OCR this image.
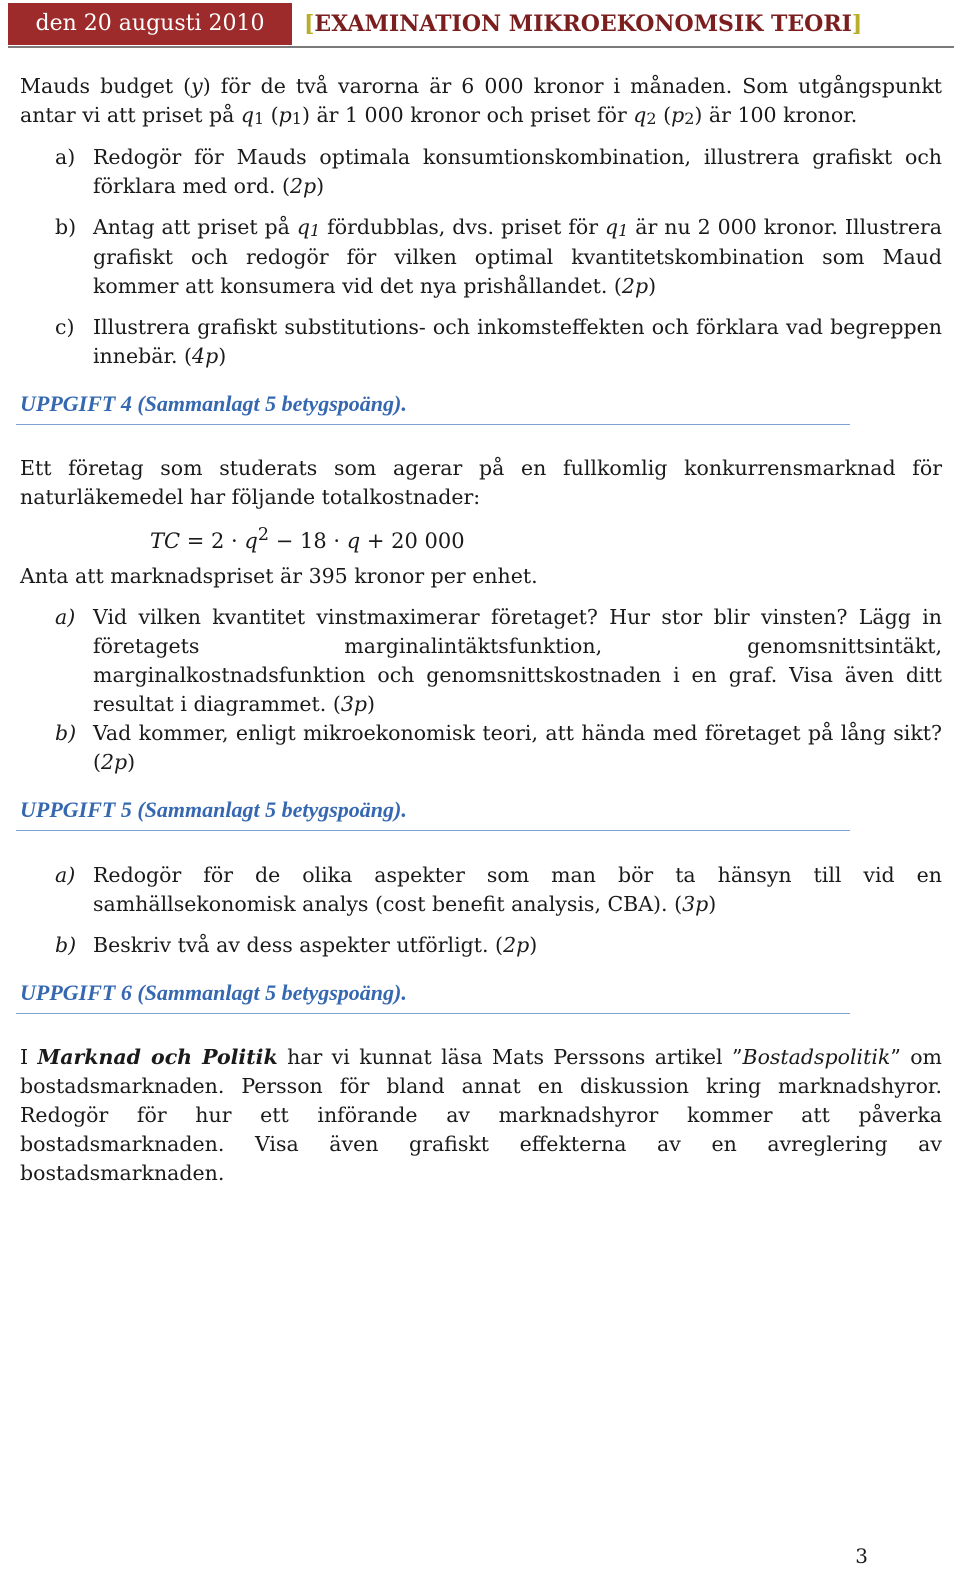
den 20 augusti 2010	[EXAMINATION MIKROEKONOMSIK TEORI]

Mauds budget (y) för de två varorna är 6 000 kronor i månaden. Som utgångspunkt antar vi att priset på q1 (p1) är 1 000 kronor och priset för q2 (p2) är 100 kronor.

a) Redogör för Mauds optimala konsumtionskombination, illustrera grafiskt och förklara med ord. (2p)
b) Antag att priset på q1 fördubblas, dvs. priset för q1 är nu 2 000 kronor. Illustrera grafiskt och redogör för vilken optimal kvantitetskombination som Maud kommer att konsumera vid det nya prishållandet. (2p)
c) Illustrera grafiskt substitutions- och inkomsteffekten och förklara vad begreppen innebär. (4p)
UPPGIFT 4 (Sammanlagt 5 betygspoäng).

Ett företag som studerats som agerar på en fullkomlig konkurrensmarknad för naturläkemedel har följande totalkostnader:

TC = $2 \cdot q^2 - 18 \cdot q + 20$ 000

Anta att marknadspriset är 395 kronor per enhet.

a) Vid vilken kvantitet vinstmaximerar företaget? Hur stor blir vinsten? Lägg in företagets marginalintäktsfunktion, genomsnittsintäkt, marginalkostnadsfunktion och genomsnittskostnaden i en graf. Visa även ditt resultat i diagrammet. (3p)
b) Vad kommer, enligt mikroekonomisk teori, att hända med företaget på lång sikt? (2p)
UPPGIFT 5 (Sammanlagt 5 betygspoäng).
a) Redogör för de olika aspekter som man bör ta hänsyn till vid en samhällsekonomisk analys (cost benefit analysis, CBA). (3p)
b) Beskriv två av dess aspekter utförligt. (2p)
UPPGIFT 6 (Sammanlagt 5 betygspoäng).

I Marknad och Politik har vi kunnat läsa Mats Perssons artikel ”Bostadspolitik” om bostadsmarknaden. Persson för bland annat en diskussion kring marknadshyror. Redogör för hur ett införande av marknadshyror kommer att påverka bostadsmarknaden. Visa även grafiskt effekterna av en avreglering av bostadsmarknaden.

3
